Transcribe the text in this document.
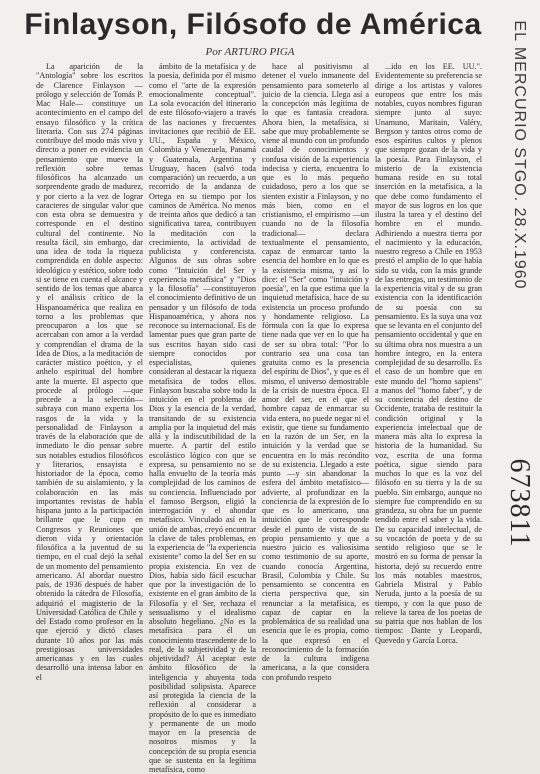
Finlayson, Filósofo de América
Por ARTURO PIGA

La aparición de la "Antología" sobre los escritos de Clarence Finlayson —prólogo y selección de Tomás P. Mac Hale— constituye un acontecimiento en el campo del ensayo filosófico y la crítica literaria. Con sus 274 páginas contribuye del modo más vivo y directo a poner en evidencia un pensamiento que mueve la reflexión sobre temas filosóficos ha alcanzado un sorprendente grado de madurez, y por cierto a la vez de lograr caracteres de singular valor que con esta obra se demuestra y corresponde en el destino cultural del continente. No resulta fácil, sin embargo, dar una idea de toda la riqueza comprendida en doble aspecto: ideológico y estético, sobre todo si se tiene en cuenta el alcance y sentido de los temas que abarca y el análisis crítico de la Hispanoamérica que realiza en torno a los problemas que preocuparon a los que se acercaban con amor a la verdad y comprendían el drama de la Idea de Dios, a la meditación de carácter místico poético, y el anhelo espiritual del hombre ante la muerte. El aspecto que procede al prólogo —que precede a la selección— subraya con mano experta los rasgos de la vida y la personalidad de Finlayson a través de la elaboración que de inmediato le dio pensar sobre sus notables estudios filosóficos y literarios, ensayista e historiador de la época, como también de su aislamiento, y la colaboración en las más importantes revistas de habla hispana junto a la participación brillante que le cupo en Congresos y Reuniones que dieron vida y orientación filosófica a la juventud de su tiempo, en el cual dejó la señal de un momento del pensamiento americano. Al abordar nuestro país, de 1936 después de haber obtenido la cátedra de Filosofía, adquirió el magisterio de la Universidad Católica de Chile y del Estado como profesor en la que ejerció y dictó clases durante 10 años por las más prestigiosas universidades americanas y en las cuales desarrolló una intensa labor en el

ámbito de la metafísica y de la poesía, definida por él mismo como el "arte de la expresión emocionalmente conceptual". La sola evocación del itinerario de este filósofo-viajero a través de las naciones y frecuentes invitaciones que recibió de EE. UU., España y México, Colombia y Venezuela, Panamá y Guatemala, Argentina y Uruguay, hacen (salvó toda comparación) un recuerdo, a un recorrido de la andanza de Ortega en su tiempo por los caminos de América. No menos de treinta años que dedicó a tan significativa tarea, contribuyen la meditación con la crecimiento, la actividad de publicista y conferencista. Algunos de sus obras sobre como "Intuición del Ser y experiencia metafísica" y "Dios y la filosofía" —constituyeron el conocimiento definitivo de un pensador y un filósofo de toda Hispanoamérica, y ahora nos reconoce su internacional. Es de lamentar pues que gran parte de sus escritos hayan sido casi siempre conocidos por especialistas, quienes consideran al destacar la riqueza metafísica de todos ellos. Finlayson buscaba sobre todo la intuición en el problema de Dios y la esencia de la verdad, transitando de su existencia amplia por la inquietud del más allá y la indiscutibilidad de la muerte. A partir del estilo escolástico lógico con que se expresa, su pensamiento no se halla envuelto de la teoría más complejidad de los caminos de su conciencia. Influenciado por el famoso Bergson, eligió la interrogación y el ahondar metafísico. Vinculado así en la unión de ambas, creyó encontrar la clave de tales problemas, en la experiencia de "la experiencia existente" como la del Ser en su propia existencia. En vez de Dios, había sido fácil escuchar que por la investigación de lo existente en el gran ámbito de la Filosofía y el Ser, rechaza el sensualismo y el idealismo absoluto hegeliano. ¿No es la metafísica para él un conocimiento trascendente de lo real, de la subjetividad y de la objetividad? Al aceptar este ámbito filosófico de la inteligencia y ahuyenta toda posibilidad solipsista. Aparece así protegida la ciencia de la reflexión al considerar a propósito de lo que es inmediato y permanente de un modo mayor en la presencia de nosotros mismos y la concepción de su propia esencia que se sustenta en la legítima metafísica, como

hace al positivismo al detener el vuelo inmanente del pensamiento para someterlo al juicio de la ciencia. Llega así a la concepción más legítima de lo que es fantasía creadora. Ahora bien, la metafísica, si sabe que muy probablemente se viene al mundo con un profundo caudal de conocimientos y confusa visión de la experiencia indecisa y cierta, encuentra lo que es lo más pequeño cuidadoso, pero a los que se sienten existir a Finlayson, y no más bien, como en el cristianismo, el empirismo —un cuando no de la filosofía tradicional— declara textualmente el pensamiento, capaz de enmarcar tanto la esencia del hombre en lo que es la existencia misma, y así lo dice: el "Ser" como "intuición y poesía", en la que estima que la inquietud metafísica, hace de su existencia un proceso profundo y hondamente religioso. La fórmula con la que lo expresa tiene nada que ver en lo que ha de ser su obra total: "Por lo contrario sea una cosa tan gratuita como es la presencia del espíritu de Dios", y que es él mismo, el universo demostrable de la crisis de nuestra época. El amor del ser, en el que el hombre capaz de enmarcar su vida entera, no puede negar ni el existir, que tiene su fundamento en la razón de un Ser, en la intuición y la verdad que se encuentra en lo más recóndito de su existencia. Llegado a este punto —y sin abandonar la esfera del ámbito metafísico— advierte, al profundizar en la conciencia de la expresión de lo que es lo americano, una intuición que le corresponde desde el punto de vista de su propio pensamiento y que a nuestro juicio es valiosísima como testimonio de su aporte, cuando conocía Argentina, Brasil, Colombia y Chile. Su pensamiento se concentra en cierta perspectiva que, sin renunciar a la metafísica, es capaz de captar en la problemática de su realidad una esencia que le es propia, como la que expresó en el reconocimiento de la formación de la cultura indígena americana, a la que considera con profundo respeto

...ido en los EE. UU.". Evidentemente su preferencia se dirige a los artistas y valores europeos que entre los más notables, cuyos nombres figuran siempre junto al suyo: Unamuno, Maritain, Valéry, Bergson y tantos otros como de esos espíritus cultos y plenos que siempre gozan de la vida y la poesía. Para Finlayson, el misterio de la existencia humana reside en su total inserción en la metafísica, a la que debe como fundamento el mayor de sus logros en los que ilustra la tarea y el destino del hombre en el mundo. Adhiriendo a nuestra tierra por el nacimiento y la educación, nuestro regreso a Chile en 1953 prestó el amplio de lo que había sido su vida, con la más grande de las entregas, un testimonio de la experiencia vital y de su gran existencia con la identificación de su poesía con su pensamiento. Es la suya una voz que se levanta en el conjunto del pensamiento occidental y que en su última obra nos muestra a un hombre íntegro, en la entera complejidad de su desarrollo. Es el caso de un hombre que en este mundo del "homo sapiens" a manos del "homo faber", y de su conciencia del destino de Occidente, trataba de restituir la condición original y la experiencia intelectual que de manera más alta lo expresa la historia de la humanidad. Su voz, escrita de una forma poética, sigue siendo para muchos lo que es la voz del filósofo en su tierra y la de su pueblo. Sin embargo, aunque no siempre fue comprendido en su grandeza, su obra fue un puente tendido entre el saber y la vida. De su capacidad intelectual, de su vocación de poeta y de su sentido religioso que se le mostró en su forma de pensar la historia, dejó su recuerdo entre los más notables maestros, Gabriela Mistral y Pablo Neruda, junto a la poesía de su tiempo, y con la que puso de relieve la tarea de los poetas de su patria que nos hablan de los tiempos: Dante y Leopardi, Quevedo y García Lorca.

EL MERCURIO STGO. 28.X.1960
673811
